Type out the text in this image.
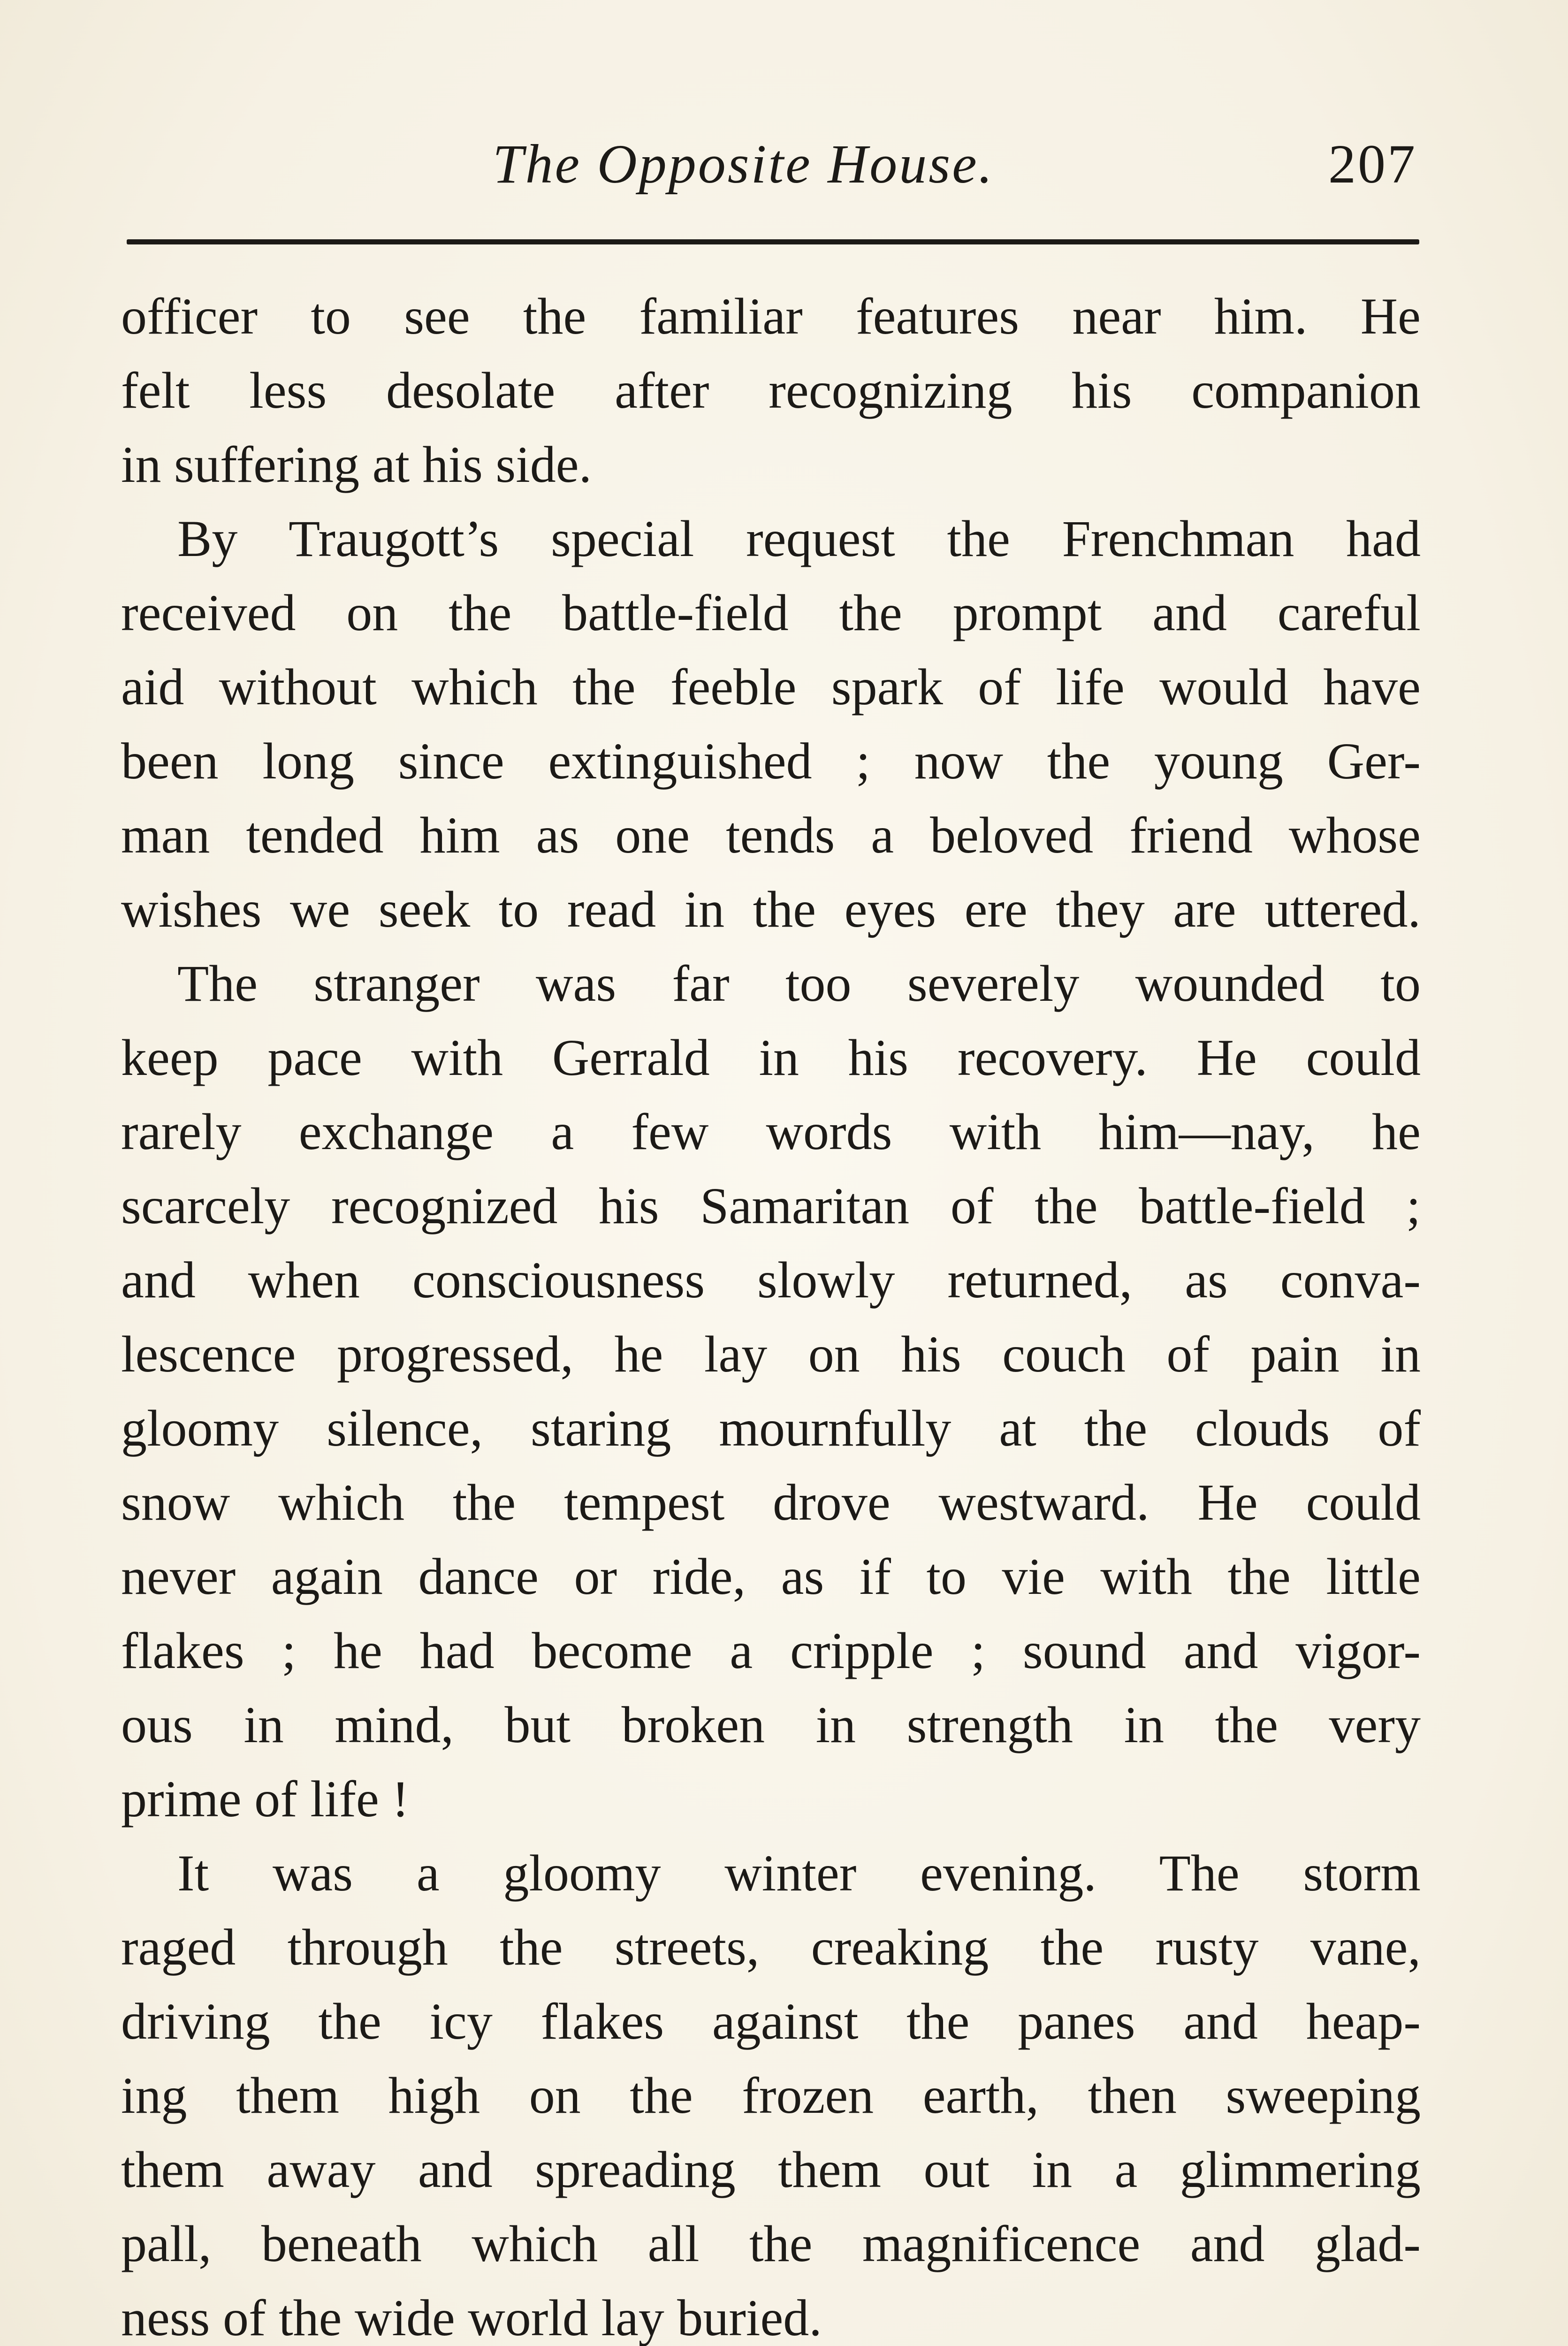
The Opposite House.	207
officer to see the familiar features near him. He
felt less desolate after recognizing his companion
in suffering at his side.
By Traugott’s special request the Frenchman had
received on the battle-field the prompt and careful
aid without which the feeble spark of life would have
been long since extinguished ; now the young Ger-
man tended him as one tends a beloved friend whose
wishes we seek to read in the eyes ere they are uttered.
The stranger was far too severely wounded to
keep pace with Gerrald in his recovery. He could
rarely exchange a few words with him—nay, he
scarcely recognized his Samaritan of the battle-field ;
and when consciousness slowly returned, as conva-
lescence progressed, he lay on his couch of pain in
gloomy silence, staring mournfully at the clouds of
snow which the tempest drove westward. He could
never again dance or ride, as if to vie with the little
flakes ; he had become a cripple ; sound and vigor-
ous in mind, but broken in strength in the very
prime of life !
It was a gloomy winter evening. The storm
raged through the streets, creaking the rusty vane,
driving the icy flakes against the panes and heap-
ing them high on the frozen earth, then sweeping
them away and spreading them out in a glimmering
pall, beneath which all the magnificence and glad-
ness of the wide world lay buried.
